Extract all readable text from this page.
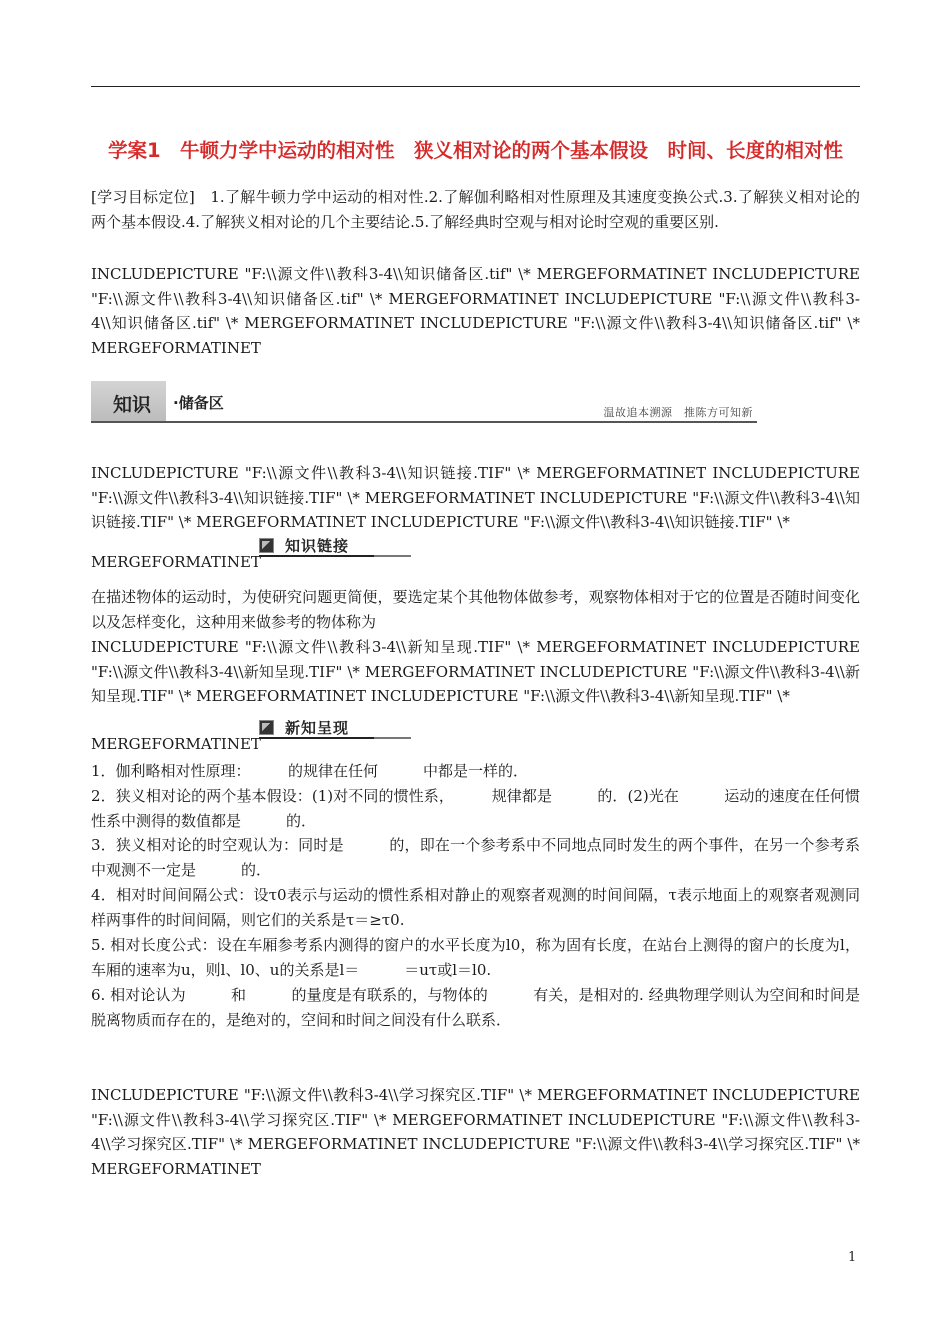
学案1　牛顿力学中运动的相对性　狭义相对论的两个基本假设　时间、长度的相对性
[学习目标定位]　1.了解牛顿力学中运动的相对性.2.了解伽利略相对性原理及其速度变换公式.3.了解狭义相对论的两个基本假设.4.了解狭义相对论的几个主要结论.5.了解经典时空观与相对论时空观的重要区别.
INCLUDEPICTURE "F:\\源文件\\教科3-4\\知识储备区.tif" \* MERGEFORMATINET INCLUDEPICTURE "F:\\源文件\\教科3-4\\知识储备区.tif" \* MERGEFORMATINET INCLUDEPICTURE "F:\\源文件\\教科3-4\\知识储备区.tif" \* MERGEFORMATINET INCLUDEPICTURE "F:\\源文件\\教科3-4\\知识储备区.tif" \* MERGEFORMATINET
知识 ·储备区
温故追本溯源　推陈方可知新
INCLUDEPICTURE "F:\\源文件\\教科3-4\\知识链接.TIF" \* MERGEFORMATINET INCLUDEPICTURE "F:\\源文件\\教科3-4\\知识链接.TIF" \* MERGEFORMATINET INCLUDEPICTURE "F:\\源文件\\教科3-4\\知识链接.TIF" \* MERGEFORMATINET INCLUDEPICTURE "F:\\源文件\\教科3-4\\知识链接.TIF" \*
MERGEFORMATINET
知识链接
在描述物体的运动时，为使研究问题更简便，要选定某个其他物体做参考，观察物体相对于它的位置是否随时间变化以及怎样变化，这种用来做参考的物体称为
INCLUDEPICTURE "F:\\源文件\\教科3-4\\新知呈现.TIF" \* MERGEFORMATINET INCLUDEPICTURE "F:\\源文件\\教科3-4\\新知呈现.TIF" \* MERGEFORMATINET INCLUDEPICTURE "F:\\源文件\\教科3-4\\新知呈现.TIF" \* MERGEFORMATINET INCLUDEPICTURE "F:\\源文件\\教科3-4\\新知呈现.TIF" \*
MERGEFORMATINET
新知呈现
1．伽利略相对性原理：　　　的规律在任何　　　中都是一样的．
2．狭义相对论的两个基本假设：(1)对不同的惯性系，　　　规律都是　　　的．(2)光在　　　运动的速度在任何惯性系中测得的数值都是　　　的．
3．狭义相对论的时空观认为：同时是　　　的，即在一个参考系中不同地点同时发生的两个事件，在另一个参考系中观测不一定是　　　的．
4．相对时间间隔公式：设τ0表示与运动的惯性系相对静止的观察者观测的时间间隔，τ表示地面上的观察者观测同样两事件的时间间隔，则它们的关系是τ＝≥τ0.
5. 相对长度公式：设在车厢参考系内测得的窗户的水平长度为l0，称为固有长度，在站台上测得的窗户的长度为l，车厢的速率为u，则l、l0、u的关系是l＝　　　＝uτ或l＝l0.
6. 相对论认为　　　和　　　的量度是有联系的，与物体的　　　有关，是相对的. 经典物理学则认为空间和时间是脱离物质而存在的，是绝对的，空间和时间之间没有什么联系．
INCLUDEPICTURE "F:\\源文件\\教科3-4\\学习探究区.TIF" \* MERGEFORMATINET INCLUDEPICTURE "F:\\源文件\\教科3-4\\学习探究区.TIF" \* MERGEFORMATINET INCLUDEPICTURE "F:\\源文件\\教科3-4\\学习探究区.TIF" \* MERGEFORMATINET INCLUDEPICTURE "F:\\源文件\\教科3-4\\学习探究区.TIF" \* MERGEFORMATINET
1
